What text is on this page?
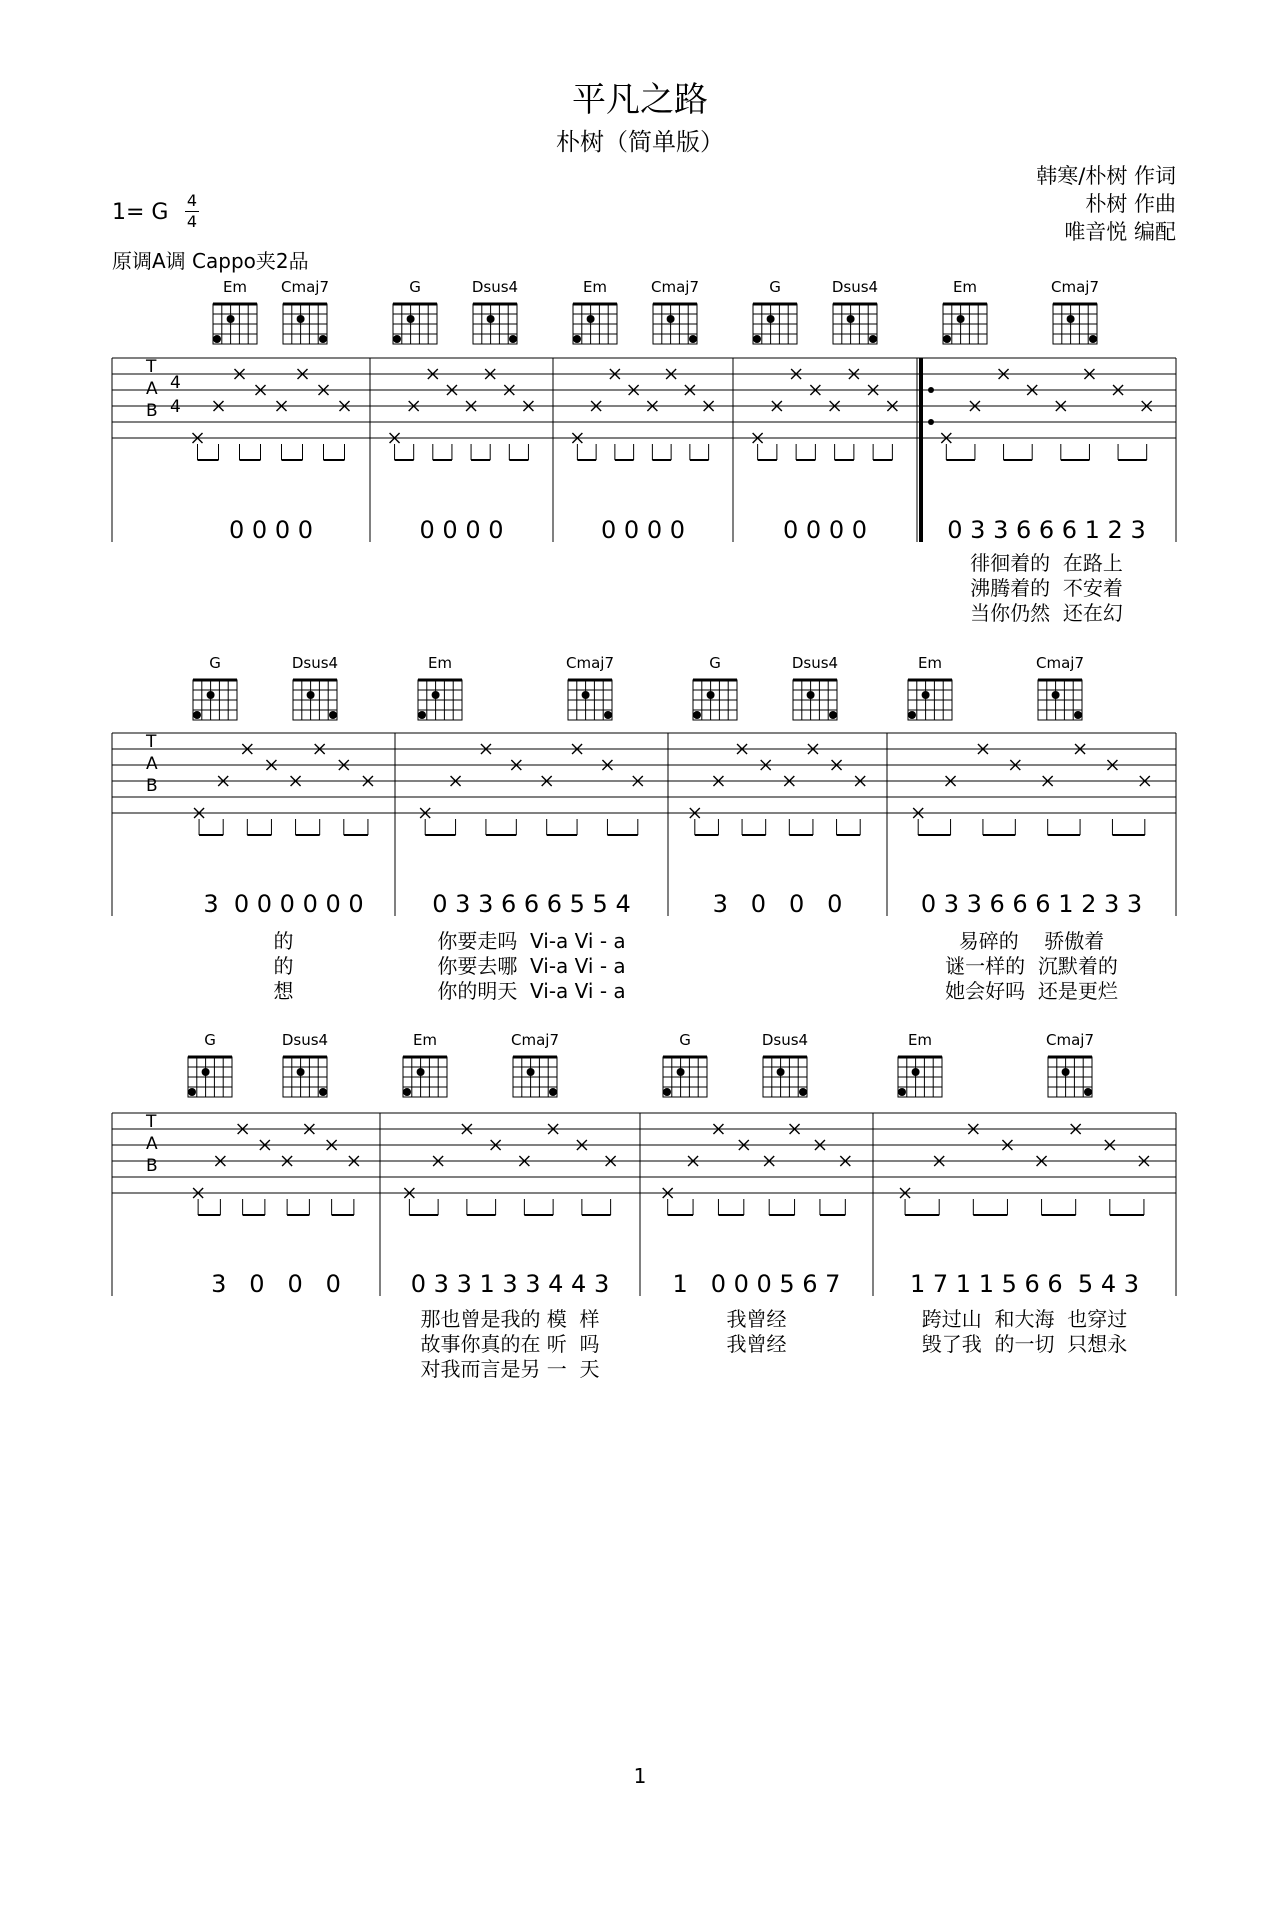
平凡之路
朴树（简单版）
韩寒/朴树 作词
朴树 作曲
唯音悦 编配
1= G 4
4
原调A调 Cappo夹2品
T
A
B
4
4
Em Cmaj7	G	Dsus4	Em	Cmaj7	G	Dsus4	Em	Cmaj7
0 0 0 0	0 0 0 0	0 0 0 0	0 0 0 0	0 3 3 6 6 6 1 2 3
徘徊着的  在路上
沸腾着的  不安着
当你仍然  还在幻
T
A
B
G	Dsus4	Em	Cmaj7	G	Dsus4	Em	Cmaj7
3  0 0 0 0 0 0
的
的
想
0 3 3 6 6 6 5 5 4
你要走吗  Vi-a Vi - a
你要去哪  Vi-a Vi - a
你的明天  Vi-a Vi - a
3   0   0   0	0 3 3 6 6 6 1 2 3 3
易碎的    骄傲着
谜一样的  沉默着的
她会好吗  还是更烂
T
A
B
G	Dsus4	Em	Cmaj7	G	Dsus4	Em	Cmaj7
3   0   0   0	0 3 3 1 3 3 4 4 3
那也曾是我的 模  样
故事你真的在 听  吗
对我而言是另 一  天
1   0 0 0 5 6 7
我曾经
我曾经
1 7 1 1 5 6 6  5 4 3
跨过山  和大海  也穿过
毁了我  的一切  只想永
1
